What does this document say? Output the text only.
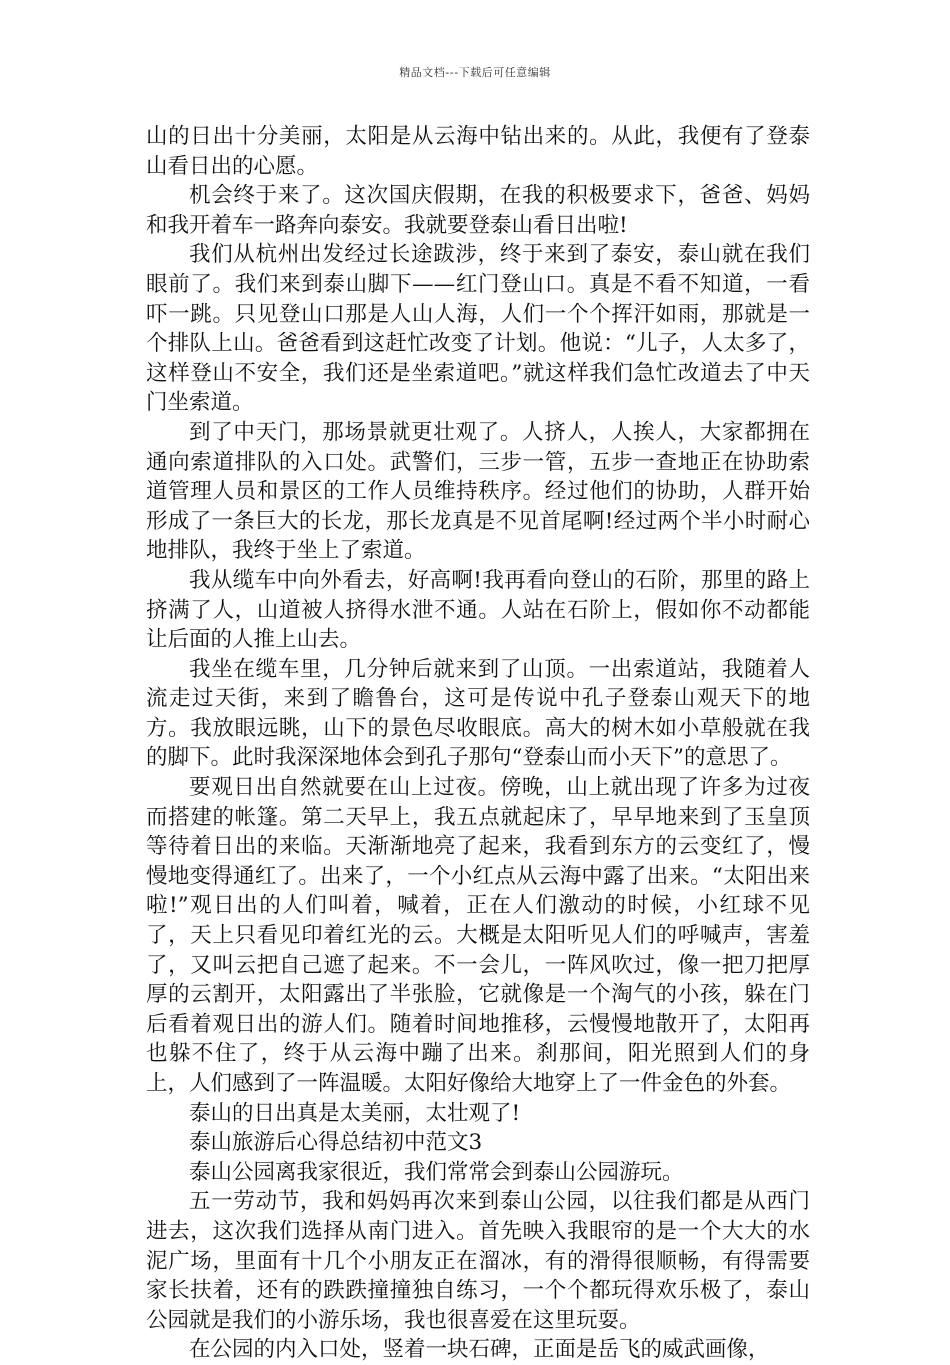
精品文档---下载后可任意编辑

山的日出十分美丽，太阳是从云海中钻出来的。从此，我便有了登泰山看日出的心愿。

机会终于来了。这次国庆假期，在我的积极要求下，爸爸、妈妈和我开着车一路奔向泰安。我就要登泰山看日出啦!

我们从杭州出发经过长途跋涉，终于来到了泰安，泰山就在我们眼前了。我们来到泰山脚下——红门登山口。真是不看不知道，一看吓一跳。只见登山口那是人山人海，人们一个个挥汗如雨，那就是一个排队上山。爸爸看到这赶忙改变了计划。他说：“儿子，人太多了，这样登山不安全，我们还是坐索道吧。”就这样我们急忙改道去了中天门坐索道。

到了中天门，那场景就更壮观了。人挤人，人挨人，大家都拥在通向索道排队的入口处。武警们，三步一管，五步一查地正在协助索道管理人员和景区的工作人员维持秩序。经过他们的协助，人群开始形成了一条巨大的长龙，那长龙真是不见首尾啊!经过两个半小时耐心地排队，我终于坐上了索道。

我从缆车中向外看去，好高啊!我再看向登山的石阶，那里的路上挤满了人，山道被人挤得水泄不通。人站在石阶上，假如你不动都能让后面的人推上山去。

我坐在缆车里，几分钟后就来到了山顶。一出索道站，我随着人流走过天街，来到了瞻鲁台，这可是传说中孔子登泰山观天下的地方。我放眼远眺，山下的景色尽收眼底。高大的树木如小草般就在我的脚下。此时我深深地体会到孔子那句“登泰山而小天下”的意思了。

要观日出自然就要在山上过夜。傍晚，山上就出现了许多为过夜而搭建的帐篷。第二天早上，我五点就起床了，早早地来到了玉皇顶等待着日出的来临。天渐渐地亮了起来，我看到东方的云变红了，慢慢地变得通红了。出来了，一个小红点从云海中露了出来。“太阳出来啦!”观日出的人们叫着，喊着，正在人们激动的时候，小红球不见了，天上只看见印着红光的云。大概是太阳听见人们的呼喊声，害羞了，又叫云把自己遮了起来。不一会儿，一阵风吹过，像一把刀把厚厚的云割开，太阳露出了半张脸，它就像是一个淘气的小孩，躲在门后看着观日出的游人们。随着时间地推移，云慢慢地散开了，太阳再也躲不住了，终于从云海中蹦了出来。刹那间，阳光照到人们的身上，人们感到了一阵温暖。太阳好像给大地穿上了一件金色的外套。

泰山的日出真是太美丽，太壮观了!

泰山旅游后心得总结初中范文3

泰山公园离我家很近，我们常常会到泰山公园游玩。

五一劳动节，我和妈妈再次来到泰山公园，以往我们都是从西门进去，这次我们选择从南门进入。首先映入我眼帘的是一个大大的水泥广场，里面有十几个小朋友正在溜冰，有的滑得很顺畅，有得需要家长扶着，还有的跌跌撞撞独自练习，一个个都玩得欢乐极了，泰山公园就是我们的小游乐场，我也很喜爱在这里玩耍。

在公园的内入口处，竖着一块石碑，正面是岳飞的威武画像，
